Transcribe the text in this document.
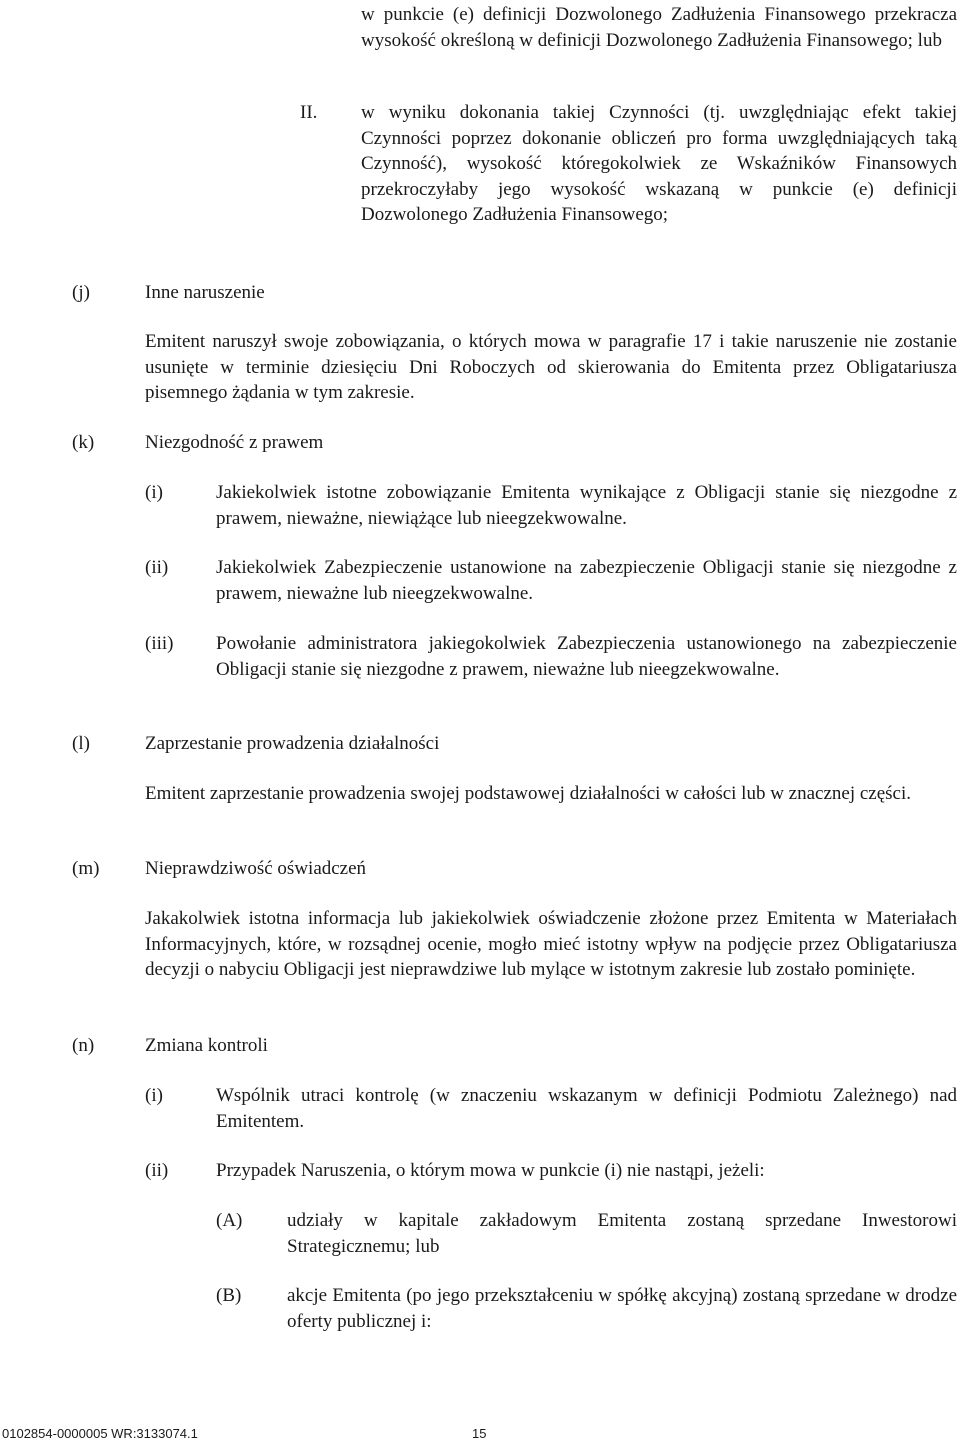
w punkcie (e) definicji Dozwolonego Zadłużenia Finansowego przekracza wysokość określoną w definicji Dozwolonego Zadłużenia Finansowego; lub

II. w wyniku dokonania takiej Czynności (tj. uwzględniając efekt takiej Czynności poprzez dokonanie obliczeń pro forma uwzględniających taką Czynność), wysokość któregokolwiek ze Wskaźników Finansowych przekroczyłaby jego wysokość wskazaną w punkcie (e) definicji Dozwolonego Zadłużenia Finansowego;

(j)	Inne naruszenie

Emitent naruszył swoje zobowiązania, o których mowa w paragrafie 17 i takie naruszenie nie zostanie usunięte w terminie dziesięciu Dni Roboczych od skierowania do Emitenta przez Obligatariusza pisemnego żądania w tym zakresie.

(k)	Niezgodność z prawem
(i)	Jakiekolwiek istotne zobowiązanie Emitenta wynikające z Obligacji stanie się niezgodne z prawem, nieważne, niewiążące lub nieegzekwowalne.

(ii)	Jakiekolwiek Zabezpieczenie ustanowione na zabezpieczenie Obligacji stanie się niezgodne z prawem, nieważne lub nieegzekwowalne.

(iii) Powołanie administratora jakiegokolwiek Zabezpieczenia ustanowionego na zabezpieczenie Obligacji stanie się niezgodne z prawem, nieważne lub nieegzekwowalne.

(l)	Zaprzestanie prowadzenia działalności

Emitent zaprzestanie prowadzenia swojej podstawowej działalności w całości lub w znacznej części.

(m) Nieprawdziwość oświadczeń

Jakakolwiek istotna informacja lub jakiekolwiek oświadczenie złożone przez Emitenta w Materiałach Informacyjnych, które, w rozsądnej ocenie, mogło mieć istotny wpływ na podjęcie przez Obligatariusza decyzji o nabyciu Obligacji jest nieprawdziwe lub mylące w istotnym zakresie lub zostało pominięte.

(n)	Zmiana kontroli
(i)	Wspólnik utraci kontrolę (w znaczeniu wskazanym w definicji Podmiotu Zależnego) nad Emitentem.

(ii)	Przypadek Naruszenia, o którym mowa w punkcie (i) nie nastąpi, jeżeli:

(A) udziały w kapitale zakładowym Emitenta zostaną sprzedane Inwestorowi Strategicznemu; lub

(B) akcje Emitenta (po jego przekształceniu w spółkę akcyjną) zostaną sprzedane w drodze oferty publicznej i:

0102854-0000005 WR:3133074.1	15
